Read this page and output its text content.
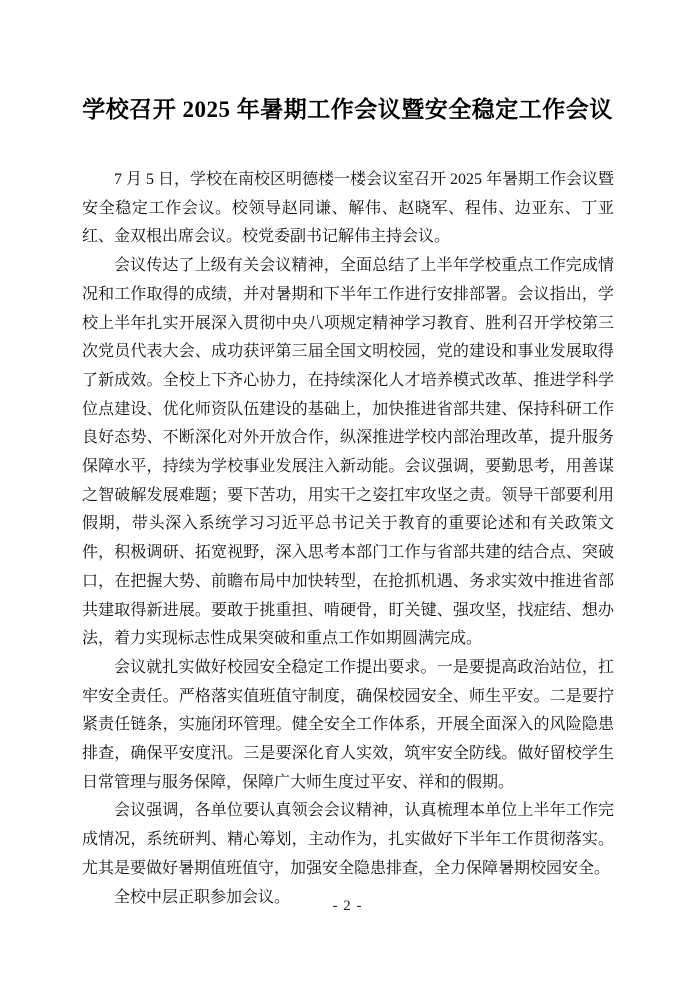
学校召开 2025 年暑期工作会议暨安全稳定工作会议

7 月 5 日，学校在南校区明德楼一楼会议室召开 2025 年暑期工作会议暨安全稳定工作会议。校领导赵同谦、解伟、赵晓军、程伟、边亚东、丁亚红、金双根出席会议。校党委副书记解伟主持会议。

会议传达了上级有关会议精神，全面总结了上半年学校重点工作完成情况和工作取得的成绩，并对暑期和下半年工作进行安排部署。会议指出，学校上半年扎实开展深入贯彻中央八项规定精神学习教育、胜利召开学校第三次党员代表大会、成功获评第三届全国文明校园，党的建设和事业发展取得了新成效。全校上下齐心协力，在持续深化人才培养模式改革、推进学科学位点建设、优化师资队伍建设的基础上，加快推进省部共建、保持科研工作良好态势、不断深化对外开放合作，纵深推进学校内部治理改革，提升服务保障水平，持续为学校事业发展注入新动能。会议强调，要勤思考，用善谋之智破解发展难题；要下苦功，用实干之姿扛牢攻坚之责。领导干部要利用假期，带头深入系统学习习近平总书记关于教育的重要论述和有关政策文件，积极调研、拓宽视野，深入思考本部门工作与省部共建的结合点、突破口，在把握大势、前瞻布局中加快转型，在抢抓机遇、务求实效中推进省部共建取得新进展。要敢于挑重担、啃硬骨，盯关键、强攻坚，找症结、想办法，着力实现标志性成果突破和重点工作如期圆满完成。

会议就扎实做好校园安全稳定工作提出要求。一是要提高政治站位，扛牢安全责任。严格落实值班值守制度，确保校园安全、师生平安。二是要拧紧责任链条，实施闭环管理。健全安全工作体系，开展全面深入的风险隐患排查，确保平安度汛。三是要深化育人实效，筑牢安全防线。做好留校学生日常管理与服务保障，保障广大师生度过平安、祥和的假期。

会议强调，各单位要认真领会会议精神，认真梳理本单位上半年工作完成情况，系统研判、精心筹划，主动作为，扎实做好下半年工作贯彻落实。尤其是要做好暑期值班值守，加强安全隐患排查，全力保障暑期校园安全。

全校中层正职参加会议。

- 2 -
